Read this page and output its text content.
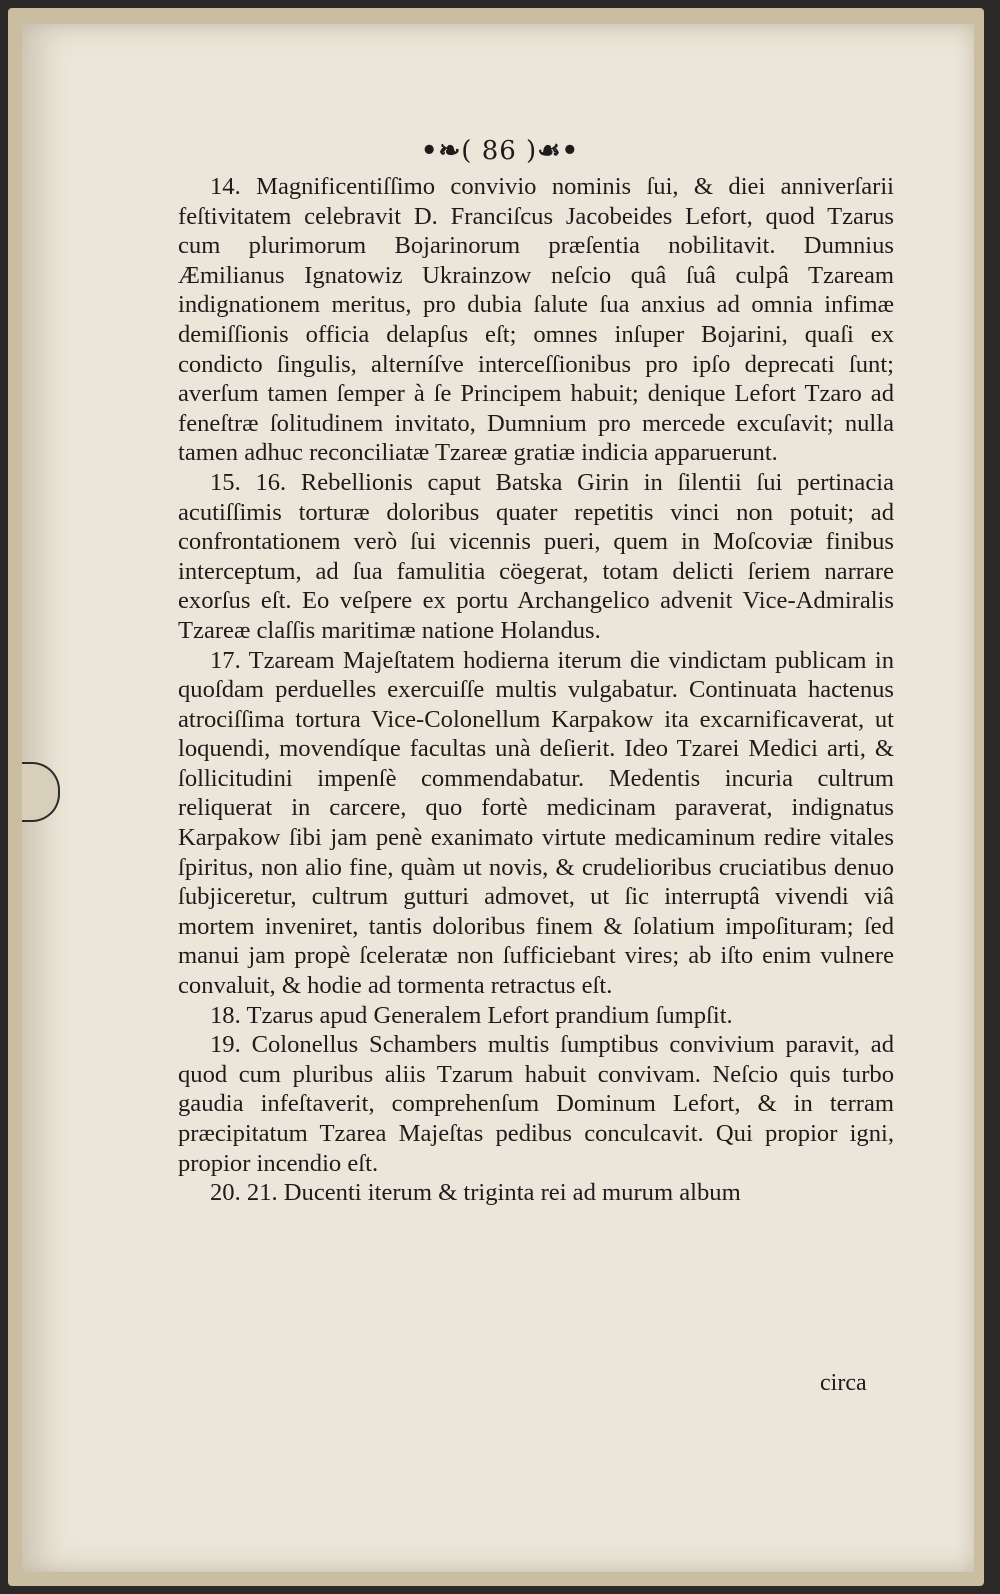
•❧( 86 )☙•

14. Magnificentiſſimo convivio nominis ſui, & diei anniverſarii feſtivitatem celebravit D. Franciſcus Jacobeides Lefort, quod Tzarus cum plurimorum Bojarinorum præſentia nobilitavit. Dumnius Æmilianus Ignatowiz Ukrainzow neſcio quâ ſuâ culpâ Tzaream indignationem meritus, pro dubia ſalute ſua anxius ad omnia infimæ demiſſionis officia delapſus eſt; omnes inſuper Bojarini, quaſi ex condicto ſingulis, alterníſve interceſſionibus pro ipſo deprecati ſunt; averſum tamen ſemper à ſe Principem habuit; denique Lefort Tzaro ad feneſtræ ſolitudinem invitato, Dumnium pro mercede excuſavit; nulla tamen adhuc reconciliatæ Tzareæ gratiæ indicia apparuerunt.

15. 16. Rebellionis caput Batska Girin in ſilentii ſui pertinacia acutiſſimis torturæ doloribus quater repetitis vinci non potuit; ad confrontationem verò ſui vicennis pueri, quem in Moſcoviæ finibus interceptum, ad ſua famulitia cöegerat, totam delicti ſeriem narrare exorſus eſt. Eo veſpere ex portu Archangelico advenit Vice-Admiralis Tzareæ claſſis maritimæ natione Holandus.

17. Tzaream Majeſtatem hodierna iterum die vindictam publicam in quoſdam perduelles exercuiſſe multis vulgabatur. Continuata hactenus atrociſſima tortura Vice-Colonellum Karpakow ita excarnificaverat, ut loquendi, movendíque facultas unà deſierit. Ideo Tzarei Medici arti, & ſollicitudini impenſè commendabatur. Medentis incuria cultrum reliquerat in carcere, quo fortè medicinam paraverat, indignatus Karpakow ſibi jam penè exanimato virtute medicaminum redire vitales ſpiritus, non alio fine, quàm ut novis, & crudelioribus cruciatibus denuo ſubjiceretur, cultrum gutturi admovet, ut ſic interruptâ vivendi viâ mortem inveniret, tantis doloribus finem & ſolatium impoſituram; ſed manui jam propè ſceleratæ non ſufficiebant vires; ab iſto enim vulnere convaluit, & hodie ad tormenta retractus eſt.

18. Tzarus apud Generalem Lefort prandium ſumpſit.

19. Colonellus Schambers multis ſumptibus convivium paravit, ad quod cum pluribus aliis Tzarum habuit convivam. Neſcio quis turbo gaudia infeſtaverit, comprehenſum Dominum Lefort, & in terram præcipitatum Tzarea Majeſtas pedibus conculcavit. Qui propior igni, propior incendio eſt.

20. 21. Ducenti iterum & triginta rei ad murum album

circa
